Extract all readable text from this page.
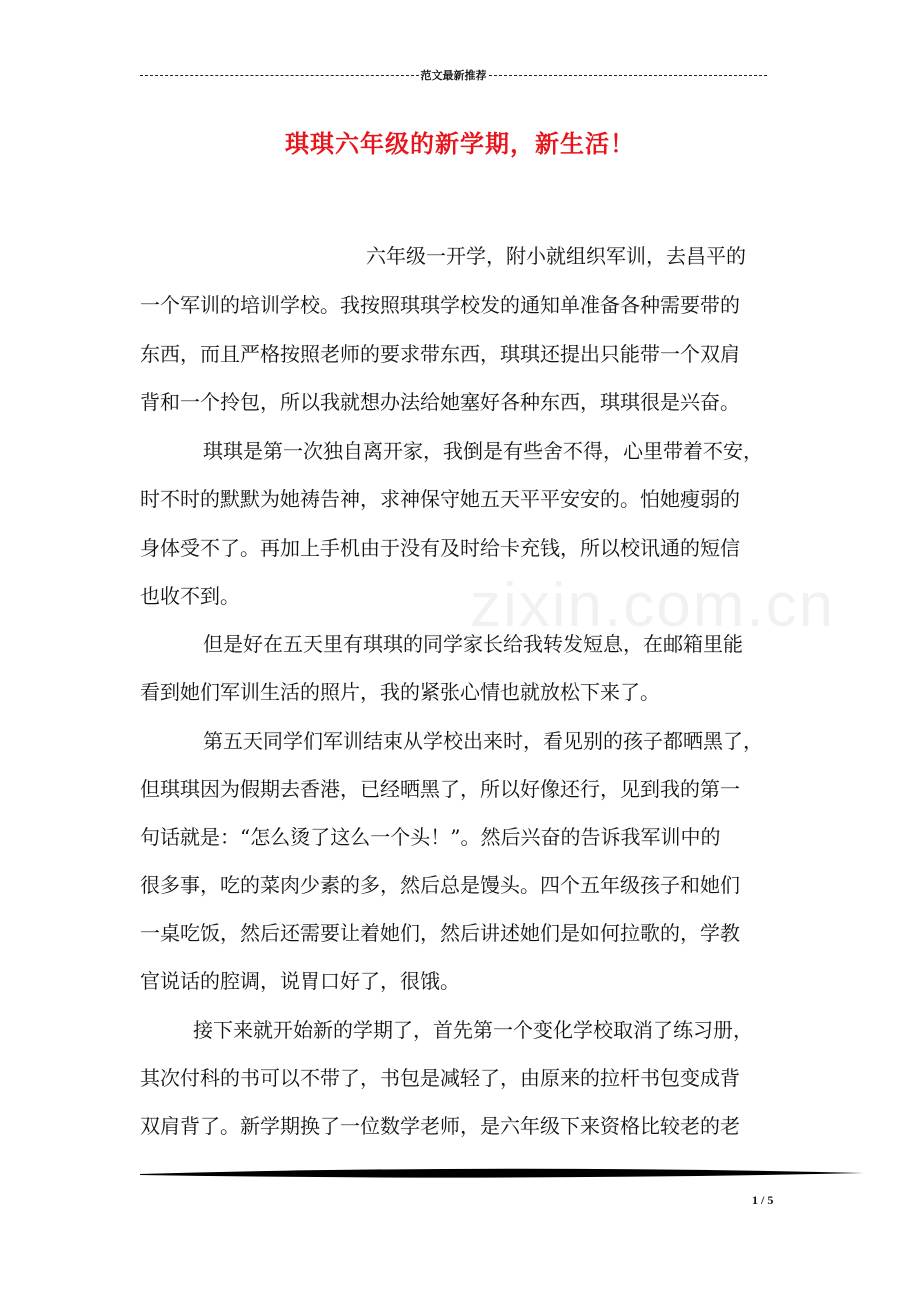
范文最新推荐
琪琪六年级的新学期，新生活！
zixin.com.cn
六年级一开学，附小就组织军训，去昌平的
一个军训的培训学校。我按照琪琪学校发的通知单准备各种需要带的
东西，而且严格按照老师的要求带东西，琪琪还提出只能带一个双肩
背和一个拎包，所以我就想办法给她塞好各种东西，琪琪很是兴奋。
琪琪是第一次独自离开家，我倒是有些舍不得，心里带着不安，
时不时的默默为她祷告神，求神保守她五天平平安安的。怕她瘦弱的
身体受不了。再加上手机由于没有及时给卡充钱，所以校讯通的短信
也收不到。
但是好在五天里有琪琪的同学家长给我转发短息，在邮箱里能
看到她们军训生活的照片，我的紧张心情也就放松下来了。
第五天同学们军训结束从学校出来时，看见别的孩子都晒黑了，
但琪琪因为假期去香港，已经晒黑了，所以好像还行，见到我的第一
句话就是：“怎么烫了这么一个头！”。然后兴奋的告诉我军训中的
很多事，吃的菜肉少素的多，然后总是馒头。四个五年级孩子和她们
一桌吃饭，然后还需要让着她们，然后讲述她们是如何拉歌的，学教
官说话的腔调，说胃口好了，很饿。
接下来就开始新的学期了，首先第一个变化学校取消了练习册，
其次付科的书可以不带了，书包是减轻了，由原来的拉杆书包变成背
双肩背了。新学期换了一位数学老师，是六年级下来资格比较老的老
1 / 5
